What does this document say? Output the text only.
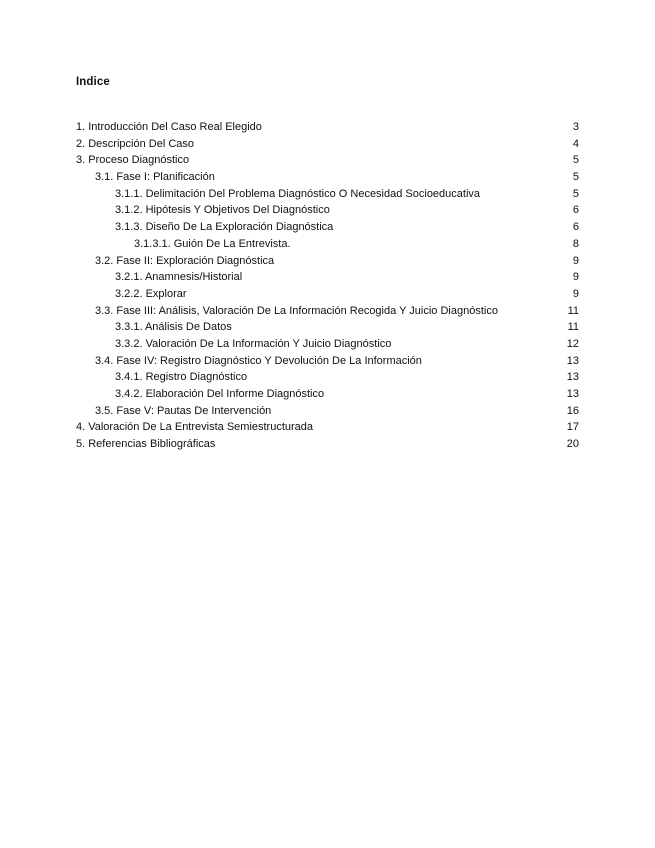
Indice
1. Introducción Del Caso Real Elegido	3
2. Descripción Del Caso	4
3. Proceso Diagnóstico	5
3.1. Fase I: Planificación	5
3.1.1. Delimitación Del Problema Diagnóstico O Necesidad Socioeducativa	5
3.1.2. Hipótesis Y Objetivos Del Diagnóstico	6
3.1.3. Diseño De La Exploración Diagnóstica	6
3.1.3.1. Guión De La Entrevista.	8
3.2. Fase II: Exploración Diagnóstica	9
3.2.1. Anamnesis/Historial	9
3.2.2. Explorar	9
3.3. Fase III: Análisis, Valoración De La Información Recogida Y Juicio Diagnóstico	11
3.3.1. Análisis De Datos	11
3.3.2. Valoración De La Información Y Juicio Diagnóstico	12
3.4. Fase IV: Registro Diagnóstico Y Devolución De La Información	13
3.4.1. Registro Diagnóstico	13
3.4.2. Elaboración Del Informe Diagnóstico	13
3.5. Fase V: Pautas De Intervención	16
4. Valoración De La Entrevista Semiestructurada	17
5. Referencias Bibliográficas	20
